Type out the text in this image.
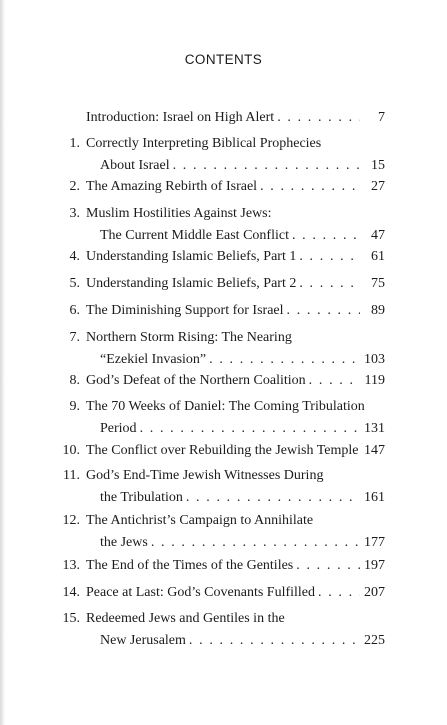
CONTENTS
Introduction: Israel on High Alert . . .	7
1. Correctly Interpreting Biblical Prophecies
About Israel . . .	15
2. The Amazing Rebirth of Israel . . .	27
3. Muslim Hostilities Against Jews:
The Current Middle East Conflict . . .	47
4. Understanding Islamic Beliefs, Part 1 . . .	61
5. Understanding Islamic Beliefs, Part 2 . . .	75
6. The Diminishing Support for Israel . . .	89
7. Northern Storm Rising: The Nearing
“Ezekiel Invasion” . . .	103
8. God’s Defeat of the Northern Coalition . . .	119
9. The 70 Weeks of Daniel: The Coming Tribulation
Period . . .	131
10. The Conflict over Rebuilding the Jewish Temple . . . 147
11. God’s End-Time Jewish Witnesses During
the Tribulation . . .	161
12. The Antichrist’s Campaign to Annihilate
the Jews . . .	177
13. The End of the Times of the Gentiles . . .	197
14. Peace at Last: God’s Covenants Fulfilled . . .	207
15. Redeemed Jews and Gentiles in the
New Jerusalem . . .	225
